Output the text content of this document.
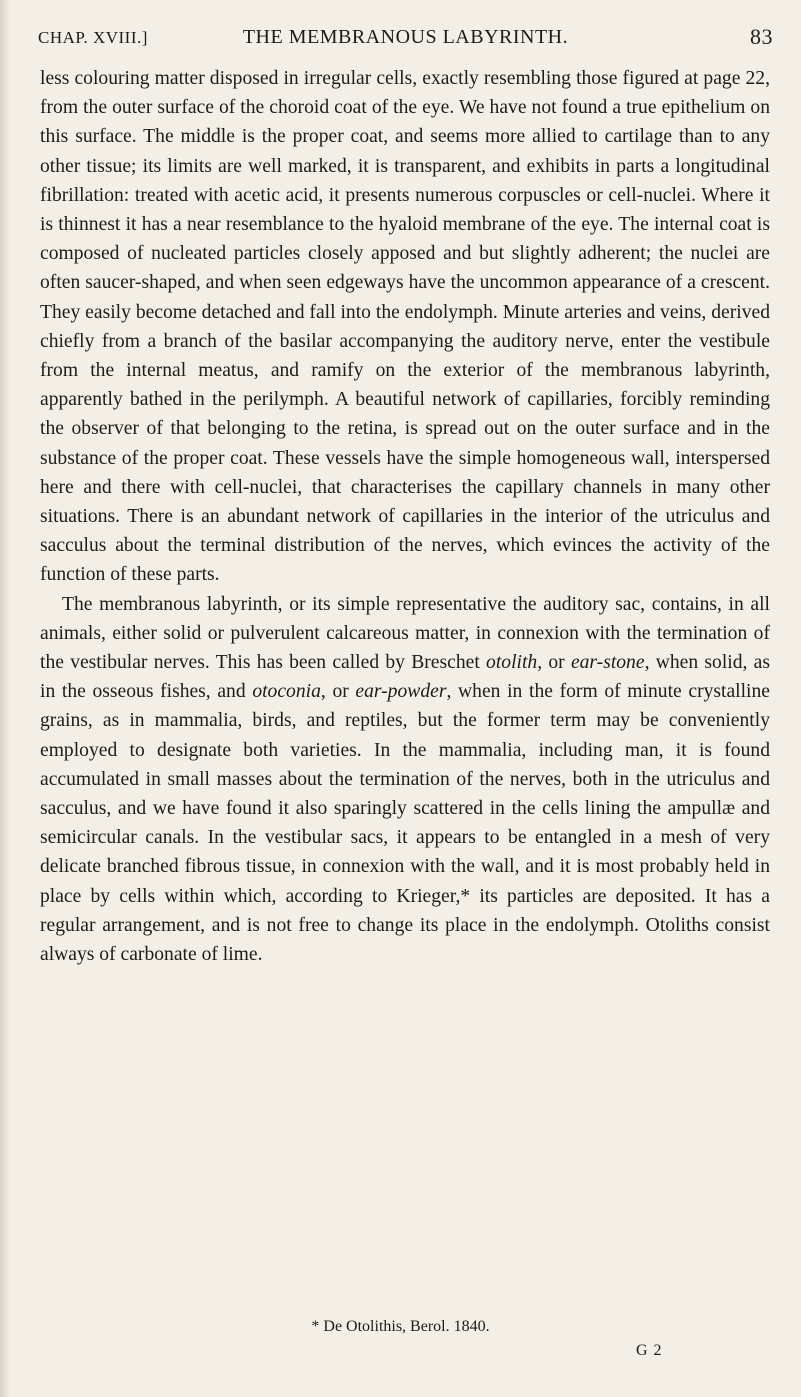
CHAP. XVIII.]	THE MEMBRANOUS LABYRINTH.	83

less colouring matter disposed in irregular cells, exactly resembling those figured at page 22, from the outer surface of the choroid coat of the eye. We have not found a true epithelium on this surface. The middle is the proper coat, and seems more allied to cartilage than to any other tissue; its limits are well marked, it is transparent, and exhibits in parts a longitudinal fibrillation: treated with acetic acid, it presents numerous corpuscles or cell-nuclei. Where it is thinnest it has a near resemblance to the hyaloid membrane of the eye. The internal coat is composed of nucleated particles closely apposed and but slightly adherent; the nuclei are often saucer-shaped, and when seen edgeways have the uncommon appearance of a crescent. They easily become detached and fall into the endolymph. Minute arteries and veins, derived chiefly from a branch of the basilar accompanying the auditory nerve, enter the vestibule from the internal meatus, and ramify on the exterior of the membranous labyrinth, apparently bathed in the perilymph. A beautiful network of capillaries, forcibly reminding the observer of that belonging to the retina, is spread out on the outer surface and in the substance of the proper coat. These vessels have the simple homogeneous wall, interspersed here and there with cell-nuclei, that characterises the capillary channels in many other situations. There is an abundant network of capillaries in the interior of the utriculus and sacculus about the terminal distribution of the nerves, which evinces the activity of the function of these parts.

The membranous labyrinth, or its simple representative the auditory sac, contains, in all animals, either solid or pulverulent calcareous matter, in connexion with the termination of the vestibular nerves. This has been called by Breschet otolith, or ear-stone, when solid, as in the osseous fishes, and otoconia, or ear-powder, when in the form of minute crystalline grains, as in mammalia, birds, and reptiles, but the former term may be conveniently employed to designate both varieties. In the mammalia, including man, it is found accumulated in small masses about the termination of the nerves, both in the utriculus and sacculus, and we have found it also sparingly scattered in the cells lining the ampullæ and semicircular canals. In the vestibular sacs, it appears to be entangled in a mesh of very delicate branched fibrous tissue, in connexion with the wall, and it is most probably held in place by cells within which, according to Krieger,* its particles are deposited. It has a regular arrangement, and is not free to change its place in the endolymph. Otoliths consist always of carbonate of lime.

* De Otolithis, Berol. 1840.
G 2
